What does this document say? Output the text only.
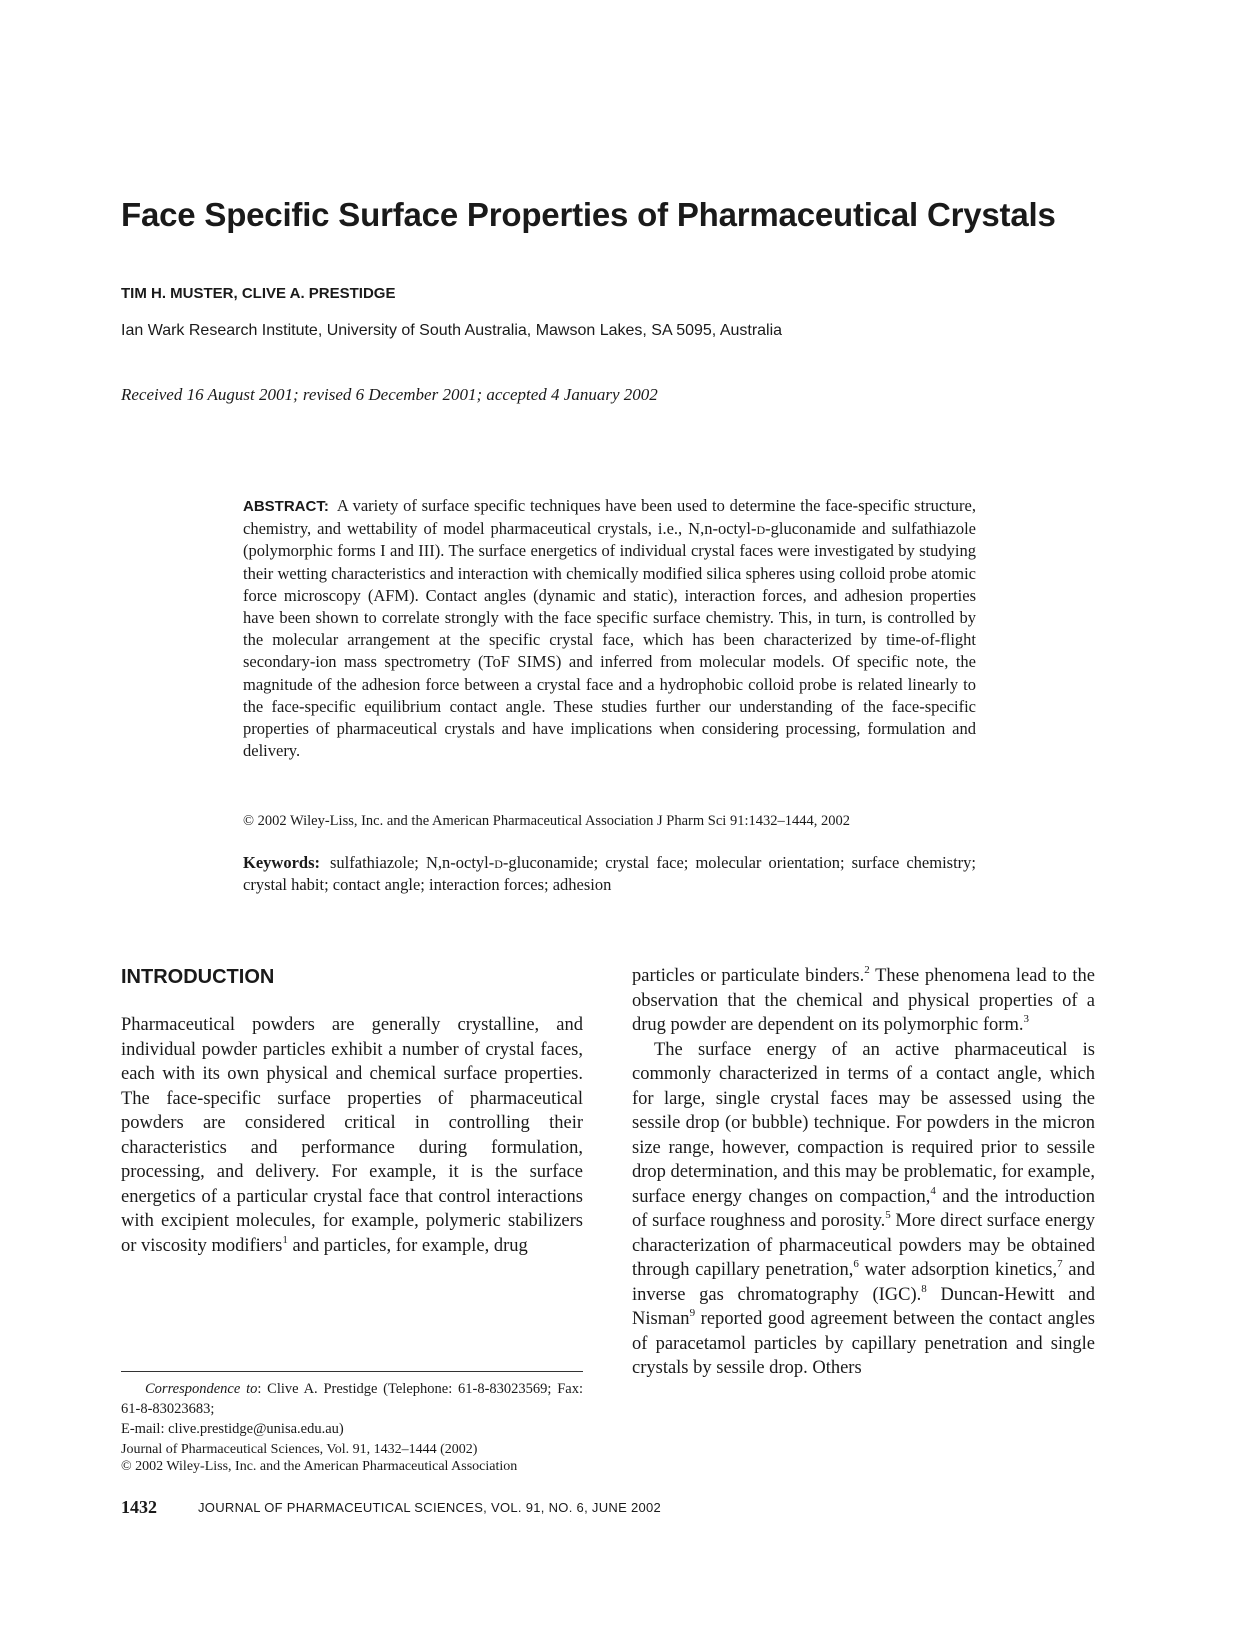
Face Specific Surface Properties of Pharmaceutical Crystals
TIM H. MUSTER, CLIVE A. PRESTIDGE
Ian Wark Research Institute, University of South Australia, Mawson Lakes, SA 5095, Australia
Received 16 August 2001; revised 6 December 2001; accepted 4 January 2002
ABSTRACT: A variety of surface specific techniques have been used to determine the face-specific structure, chemistry, and wettability of model pharmaceutical crystals, i.e., N,n-octyl-d-gluconamide and sulfathiazole (polymorphic forms I and III). The surface energetics of individual crystal faces were investigated by studying their wetting characteristics and interaction with chemically modified silica spheres using colloid probe atomic force microscopy (AFM). Contact angles (dynamic and static), interaction forces, and adhesion properties have been shown to correlate strongly with the face specific surface chemistry. This, in turn, is controlled by the molecular arrangement at the specific crystal face, which has been characterized by time-of-flight secondary-ion mass spectrometry (ToF SIMS) and inferred from molecular models. Of specific note, the magnitude of the adhesion force between a crystal face and a hydrophobic colloid probe is related linearly to the face-specific equilibrium contact angle. These studies further our understanding of the face-specific properties of pharmaceutical crystals and have implications when considering processing, formulation and delivery.
© 2002 Wiley-Liss, Inc. and the American Pharmaceutical Association J Pharm Sci 91:1432–1444, 2002
Keywords: sulfathiazole; N,n-octyl-d-gluconamide; crystal face; molecular orientation; surface chemistry; crystal habit; contact angle; interaction forces; adhesion
INTRODUCTION

Pharmaceutical powders are generally crystalline, and individual powder particles exhibit a number of crystal faces, each with its own physical and chemical surface properties. The face-specific surface properties of pharmaceutical powders are considered critical in controlling their characteristics and performance during formulation, processing, and delivery. For example, it is the surface energetics of a particular crystal face that control interactions with excipient molecules, for example, polymeric stabilizers or viscosity modifiers$^1$ and particles, for example, drug

particles or particulate binders.$^2$ These phenomena lead to the observation that the chemical and physical properties of a drug powder are dependent on its polymorphic form.$^3$

The surface energy of an active pharmaceutical is commonly characterized in terms of a contact angle, which for large, single crystal faces may be assessed using the sessile drop (or bubble) technique. For powders in the micron size range, however, compaction is required prior to sessile drop determination, and this may be problematic, for example, surface energy changes on compaction,$^4$ and the introduction of surface roughness and porosity.$^5$ More direct surface energy characterization of pharmaceutical powders may be obtained through capillary penetration,$^6$ water adsorption kinetics,$^7$ and inverse gas chromatography (IGC).$^8$ Duncan-Hewitt and Nisman$^9$ reported good agreement between the contact angles of paracetamol particles by capillary penetration and single crystals by sessile drop. Others

Correspondence to: Clive A. Prestidge (Telephone: 61-8-83023569; Fax: 61-8-83023683;
E-mail: clive.prestidge@unisa.edu.au)
Journal of Pharmaceutical Sciences, Vol. 91, 1432–1444 (2002)
© 2002 Wiley-Liss, Inc. and the American Pharmaceutical Association
1432	JOURNAL OF PHARMACEUTICAL SCIENCES, VOL. 91, NO. 6, JUNE 2002
